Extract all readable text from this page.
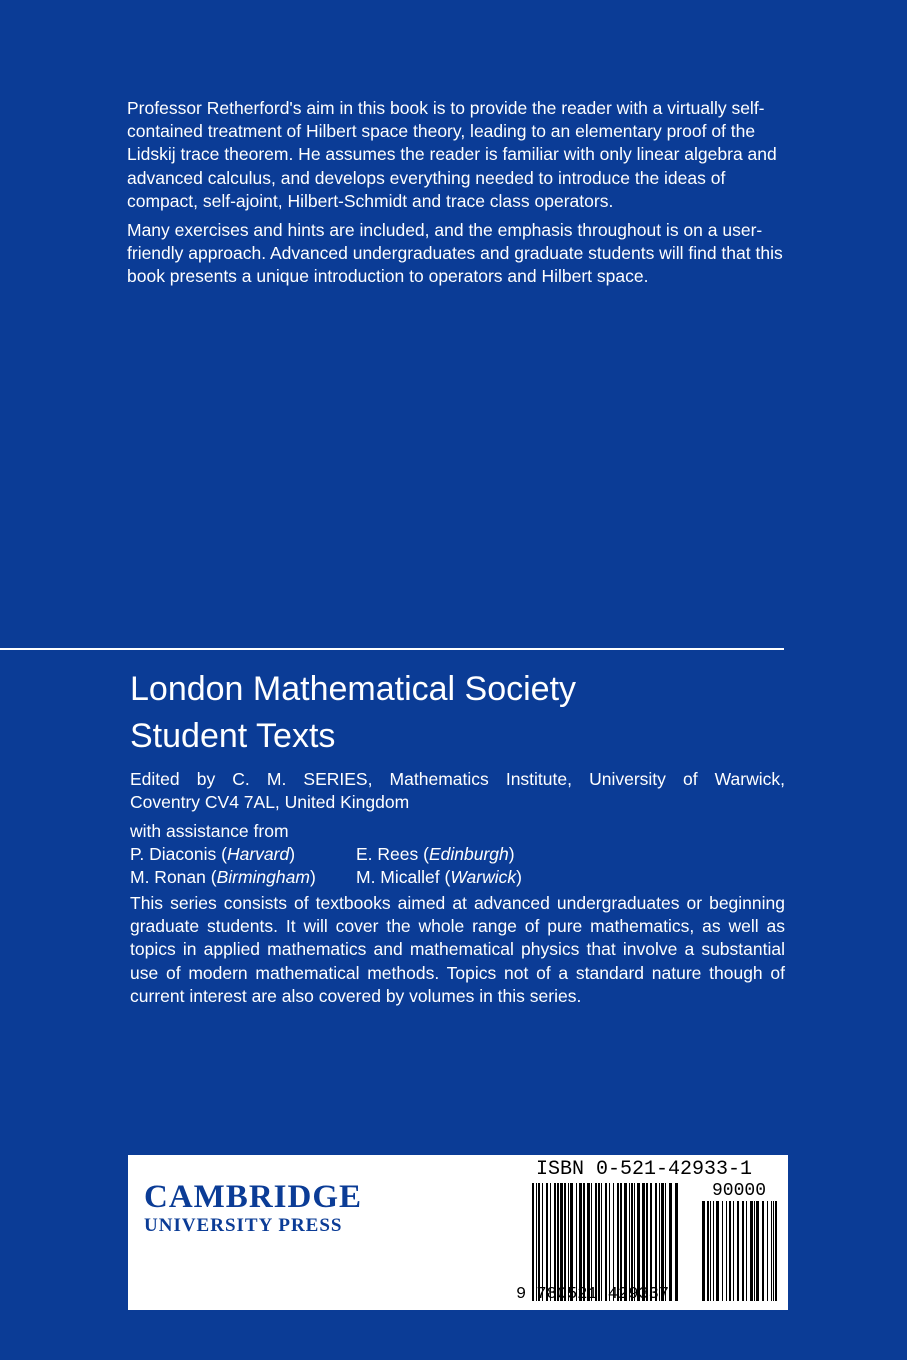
Professor Retherford's aim in this book is to provide the reader with a virtually self-contained treatment of Hilbert space theory, leading to an elementary proof of the Lidskij trace theorem. He assumes the reader is familiar with only linear algebra and advanced calculus, and develops everything needed to introduce the ideas of compact, self-ajoint, Hilbert-Schmidt and trace class operators.

Many exercises and hints are included, and the emphasis throughout is on a user-friendly approach. Advanced undergraduates and graduate students will find that this book presents a unique introduction to operators and Hilbert space.

London Mathematical Society
Student Texts
Edited by C. M. SERIES, Mathematics Institute, University of Warwick,
Coventry CV4 7AL, United Kingdom
with assistance from
P. Diaconis (Harvard)	E. Rees (Edinburgh)
M. Ronan (Birmingham)	M. Micallef (Warwick)
This series consists of textbooks aimed at advanced undergraduates or beginning graduate students. It will cover the whole range of pure mathematics, as well as topics in applied mathematics and mathematical physics that involve a substantial use of modern mathematical methods. Topics not of a standard nature though of current interest are also covered by volumes in this series.
CAMBRIDGE
UNIVERSITY PRESS
ISBN 0-521-42933-1
90000
9 780521 429337
